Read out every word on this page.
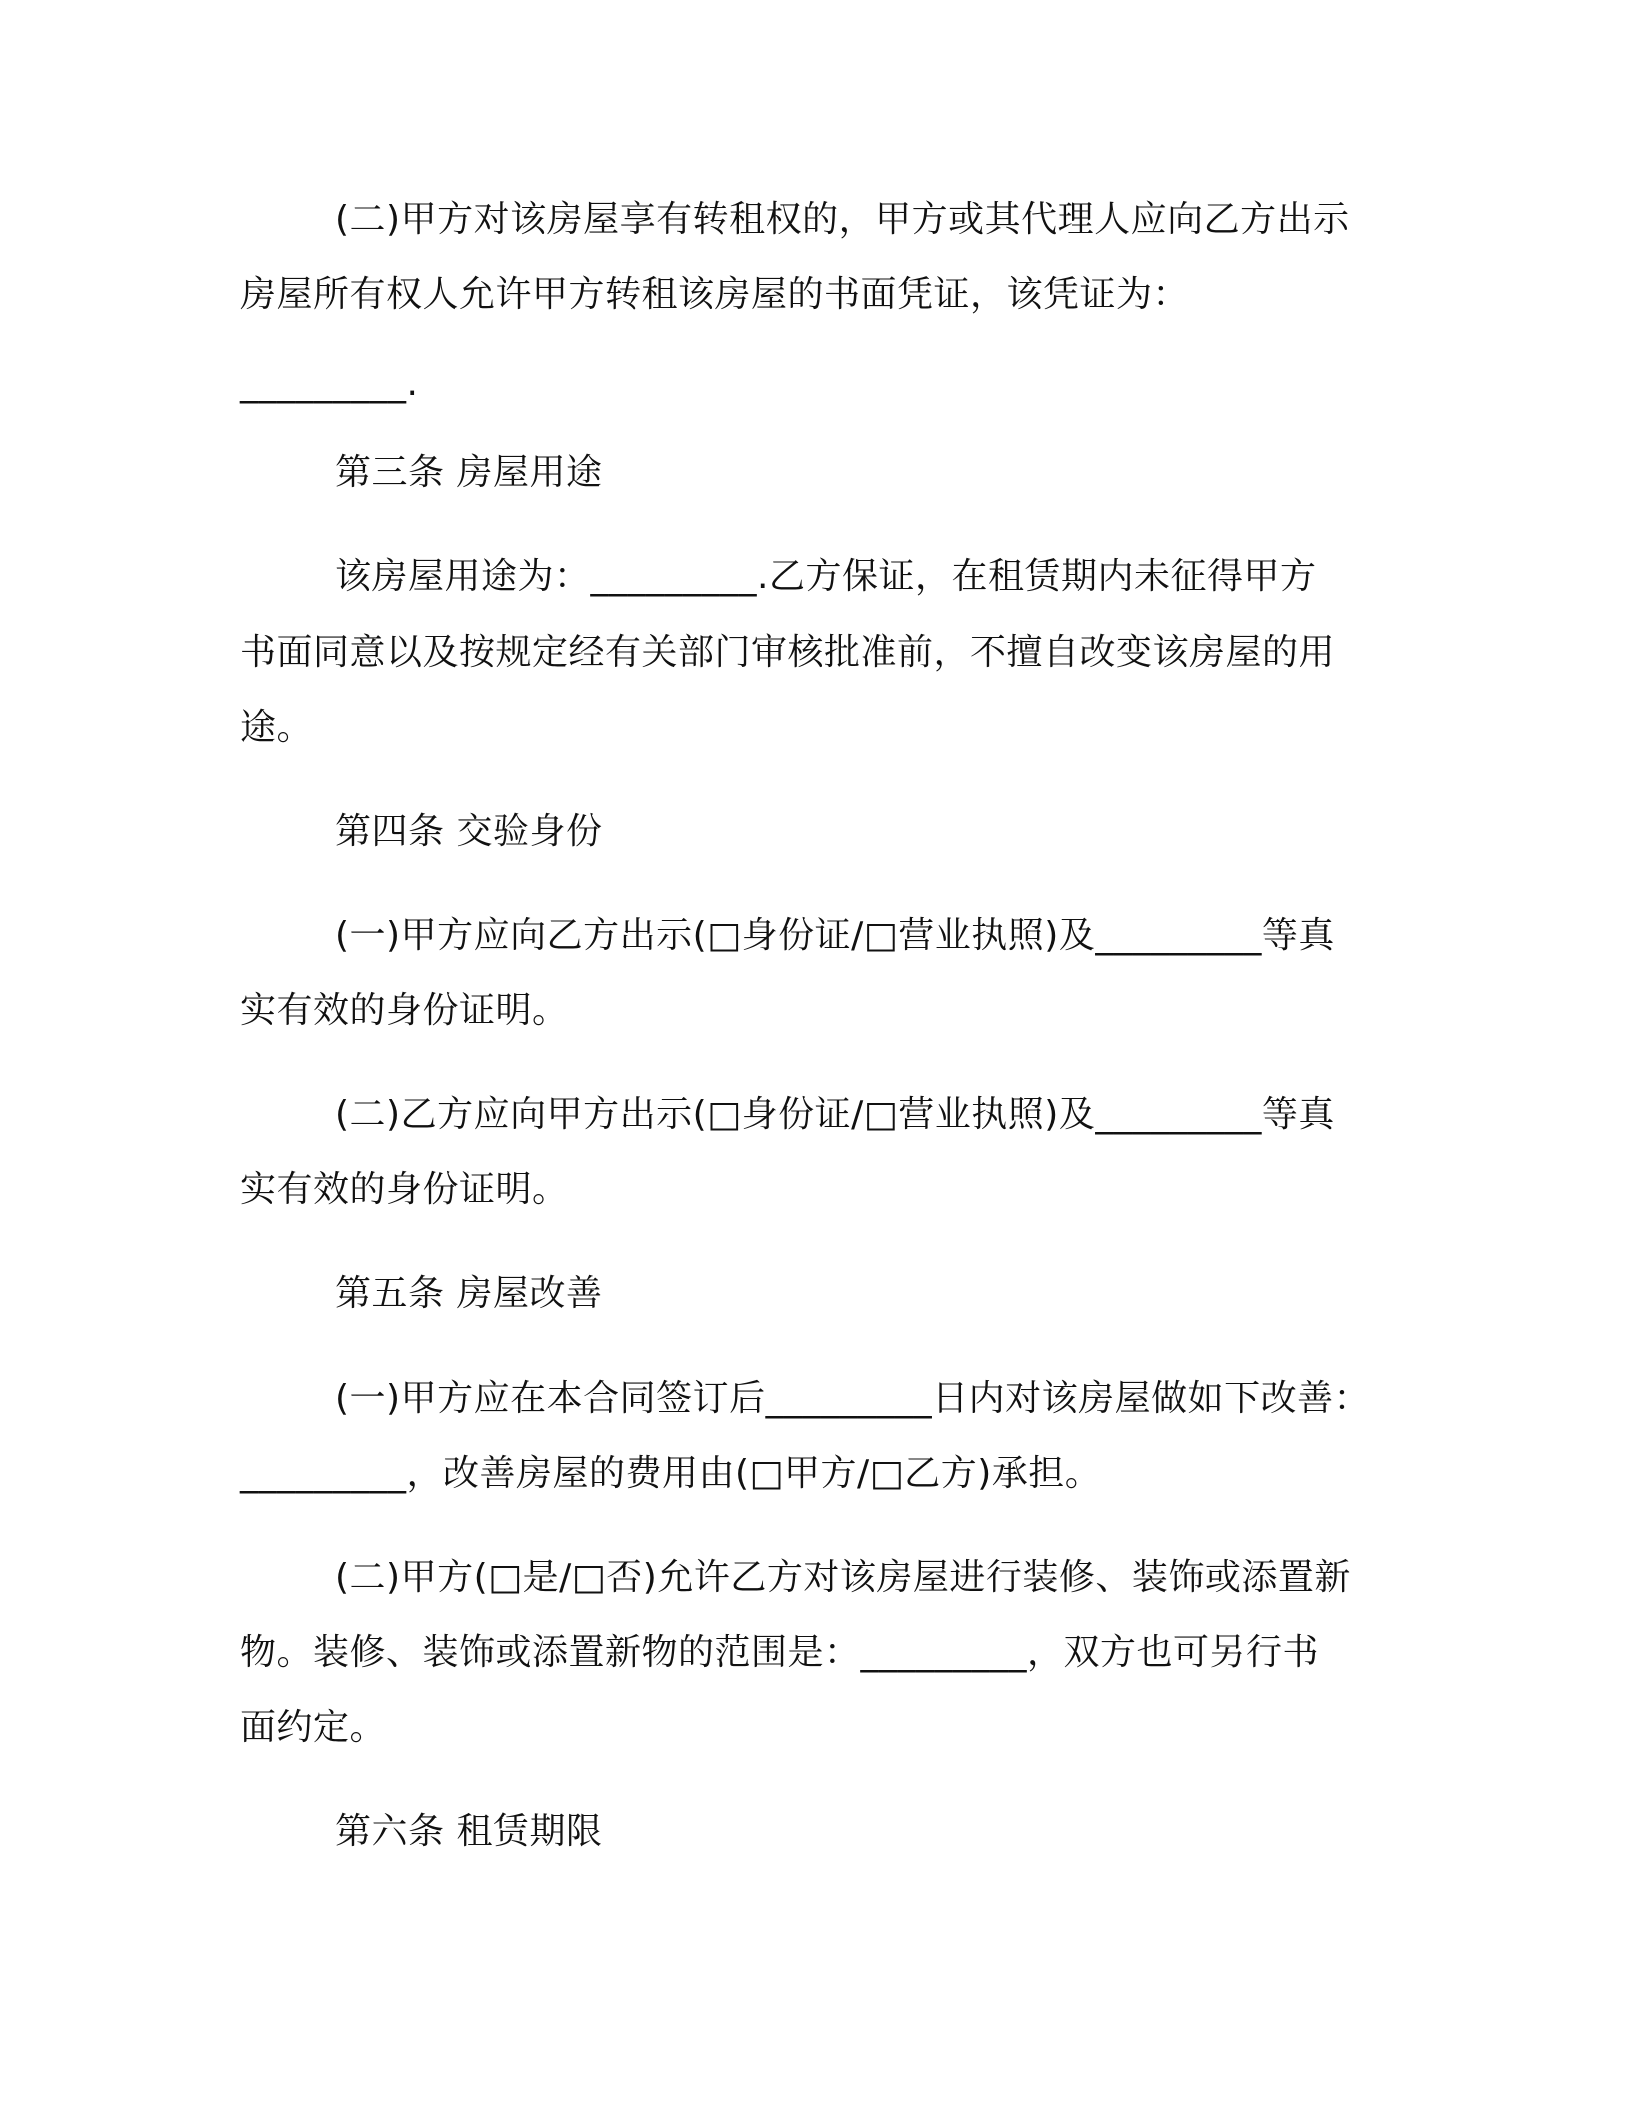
(二)甲方对该房屋享有转租权的，甲方或其代理人应向乙方出示
房屋所有权人允许甲方转租该房屋的书面凭证，该凭证为：
_________.
第三条 房屋用途
该房屋用途为：_________.乙方保证，在租赁期内未征得甲方
书面同意以及按规定经有关部门审核批准前，不擅自改变该房屋的用
途。
第四条 交验身份
(一)甲方应向乙方出示(□身份证/□营业执照)及_________等真
实有效的身份证明。
(二)乙方应向甲方出示(□身份证/□营业执照)及_________等真
实有效的身份证明。
第五条 房屋改善
(一)甲方应在本合同签订后_________日内对该房屋做如下改善：
_________，改善房屋的费用由(□甲方/□乙方)承担。
(二)甲方(□是/□否)允许乙方对该房屋进行装修、装饰或添置新
物。装修、装饰或添置新物的范围是：_________，双方也可另行书
面约定。
第六条 租赁期限
